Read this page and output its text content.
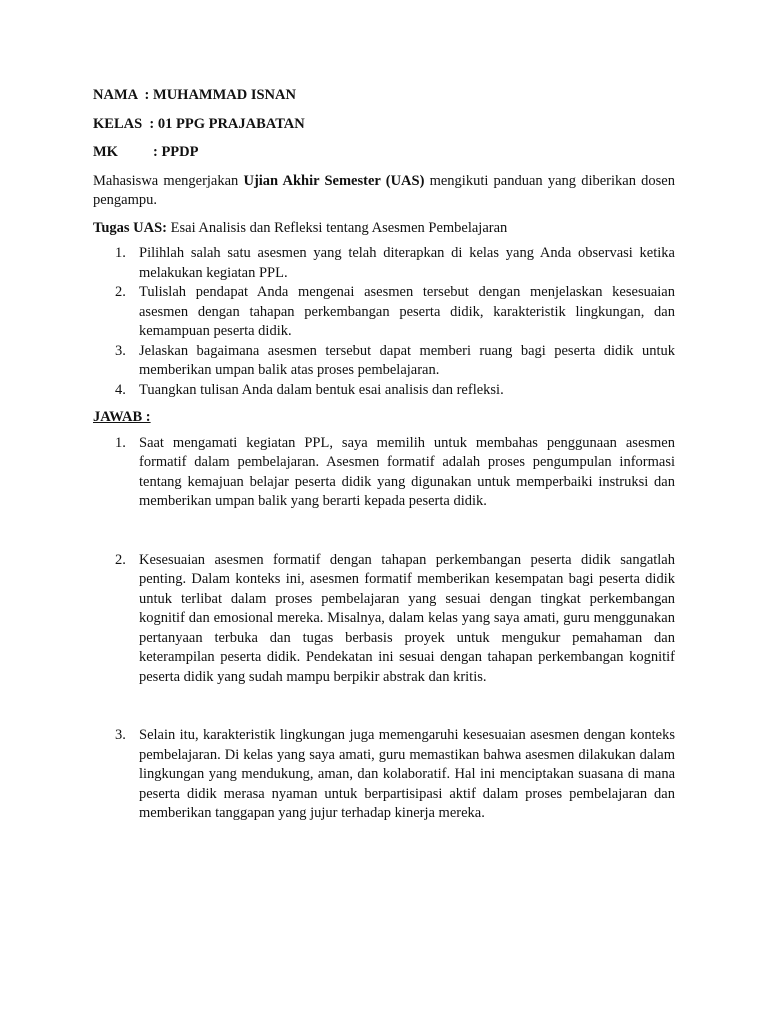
NAMA  : MUHAMMAD ISNAN
KELAS  : 01 PPG PRAJABATAN
MK : PPDP

Mahasiswa mengerjakan Ujian Akhir Semester (UAS) mengikuti panduan yang diberikan dosen pengampu.

Tugas UAS: Esai Analisis dan Refleksi tentang Asesmen Pembelajaran

1. Pilihlah salah satu asesmen yang telah diterapkan di kelas yang Anda observasi ketika melakukan kegiatan PPL.
2. Tulislah pendapat Anda mengenai asesmen tersebut dengan menjelaskan kesesuaian asesmen dengan tahapan perkembangan peserta didik, karakteristik lingkungan, dan kemampuan peserta didik.
3. Jelaskan bagaimana asesmen tersebut dapat memberi ruang bagi peserta didik untuk memberikan umpan balik atas proses pembelajaran.
4. Tuangkan tulisan Anda dalam bentuk esai analisis dan refleksi.
JAWAB :
1. Saat mengamati kegiatan PPL, saya memilih untuk membahas penggunaan asesmen formatif dalam pembelajaran. Asesmen formatif adalah proses pengumpulan informasi tentang kemajuan belajar peserta didik yang digunakan untuk memperbaiki instruksi dan memberikan umpan balik yang berarti kepada peserta didik.
2. Kesesuaian asesmen formatif dengan tahapan perkembangan peserta didik sangatlah penting. Dalam konteks ini, asesmen formatif memberikan kesempatan bagi peserta didik untuk terlibat dalam proses pembelajaran yang sesuai dengan tingkat perkembangan kognitif dan emosional mereka. Misalnya, dalam kelas yang saya amati, guru menggunakan pertanyaan terbuka dan tugas berbasis proyek untuk mengukur pemahaman dan keterampilan peserta didik. Pendekatan ini sesuai dengan tahapan perkembangan kognitif peserta didik yang sudah mampu berpikir abstrak dan kritis.
3. Selain itu, karakteristik lingkungan juga memengaruhi kesesuaian asesmen dengan konteks pembelajaran. Di kelas yang saya amati, guru memastikan bahwa asesmen dilakukan dalam lingkungan yang mendukung, aman, dan kolaboratif. Hal ini menciptakan suasana di mana peserta didik merasa nyaman untuk berpartisipasi aktif dalam proses pembelajaran dan memberikan tanggapan yang jujur terhadap kinerja mereka.
